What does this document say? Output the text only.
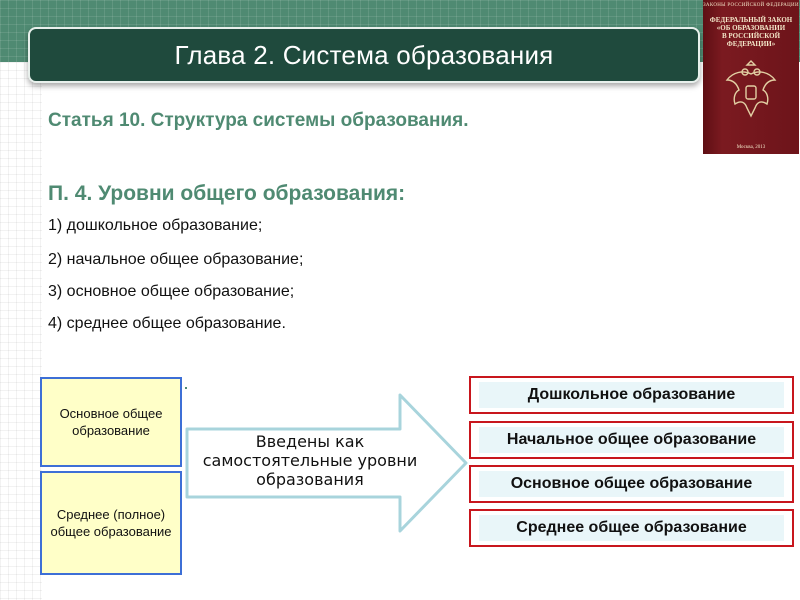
Глава 2. Система образования
ЗАКОНЫ РОССИЙСКОЙ ФЕДЕРАЦИИ
ФЕДЕРАЛЬНЫЙ ЗАКОН
«ОБ ОБРАЗОВАНИИ
В РОССИЙСКОЙ
ФЕДЕРАЦИИ»
Москва, 2013
Статья 10. Структура системы образования.
П. 4. Уровни общего образования:
1) дошкольное образование;
2) начальное общее образование;
3) основное общее образование;
4) среднее общее образование.
Основное общее образование
Среднее (полное) общее образование
Введены как самостоятельные уровни образования
Дошкольное образование
Начальное общее образование
Основное общее образование
Среднее общее образование
